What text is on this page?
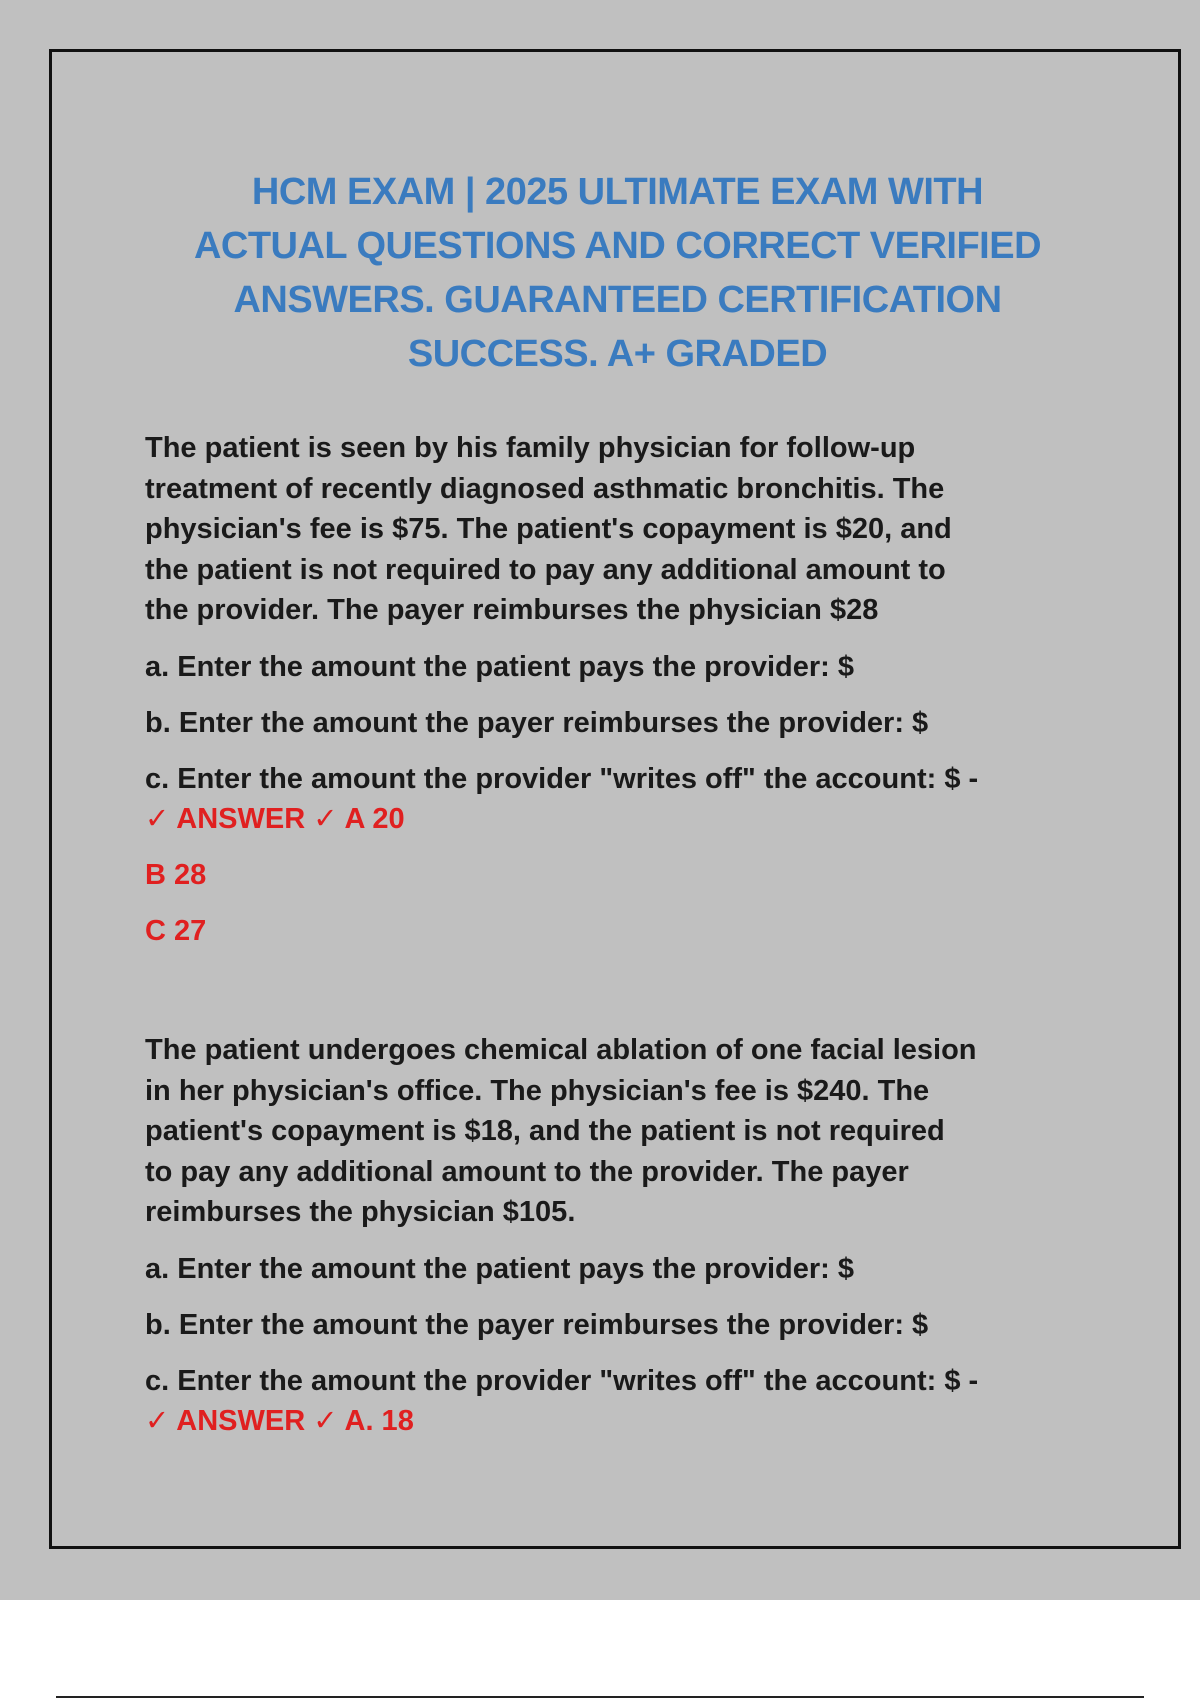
HCM EXAM | 2025 ULTIMATE EXAM WITH
ACTUAL QUESTIONS AND CORRECT VERIFIED
ANSWERS. GUARANTEED CERTIFICATION
SUCCESS. A+ GRADED

The patient is seen by his family physician for follow-up
treatment of recently diagnosed asthmatic bronchitis. The
physician's fee is $75. The patient's copayment is $20, and
the patient is not required to pay any additional amount to
the provider. The payer reimburses the physician $28

a. Enter the amount the patient pays the provider: $

b. Enter the amount the payer reimburses the provider: $

c. Enter the amount the provider "writes off" the account: $ -

✓ ANSWER ✓ A 20

B 28

C 27

The patient undergoes chemical ablation of one facial lesion
in her physician's office. The physician's fee is $240. The
patient's copayment is $18, and the patient is not required
to pay any additional amount to the provider. The payer
reimburses the physician $105.

a. Enter the amount the patient pays the provider: $

b. Enter the amount the payer reimburses the provider: $

c. Enter the amount the provider "writes off" the account: $ -

✓ ANSWER ✓ A. 18
